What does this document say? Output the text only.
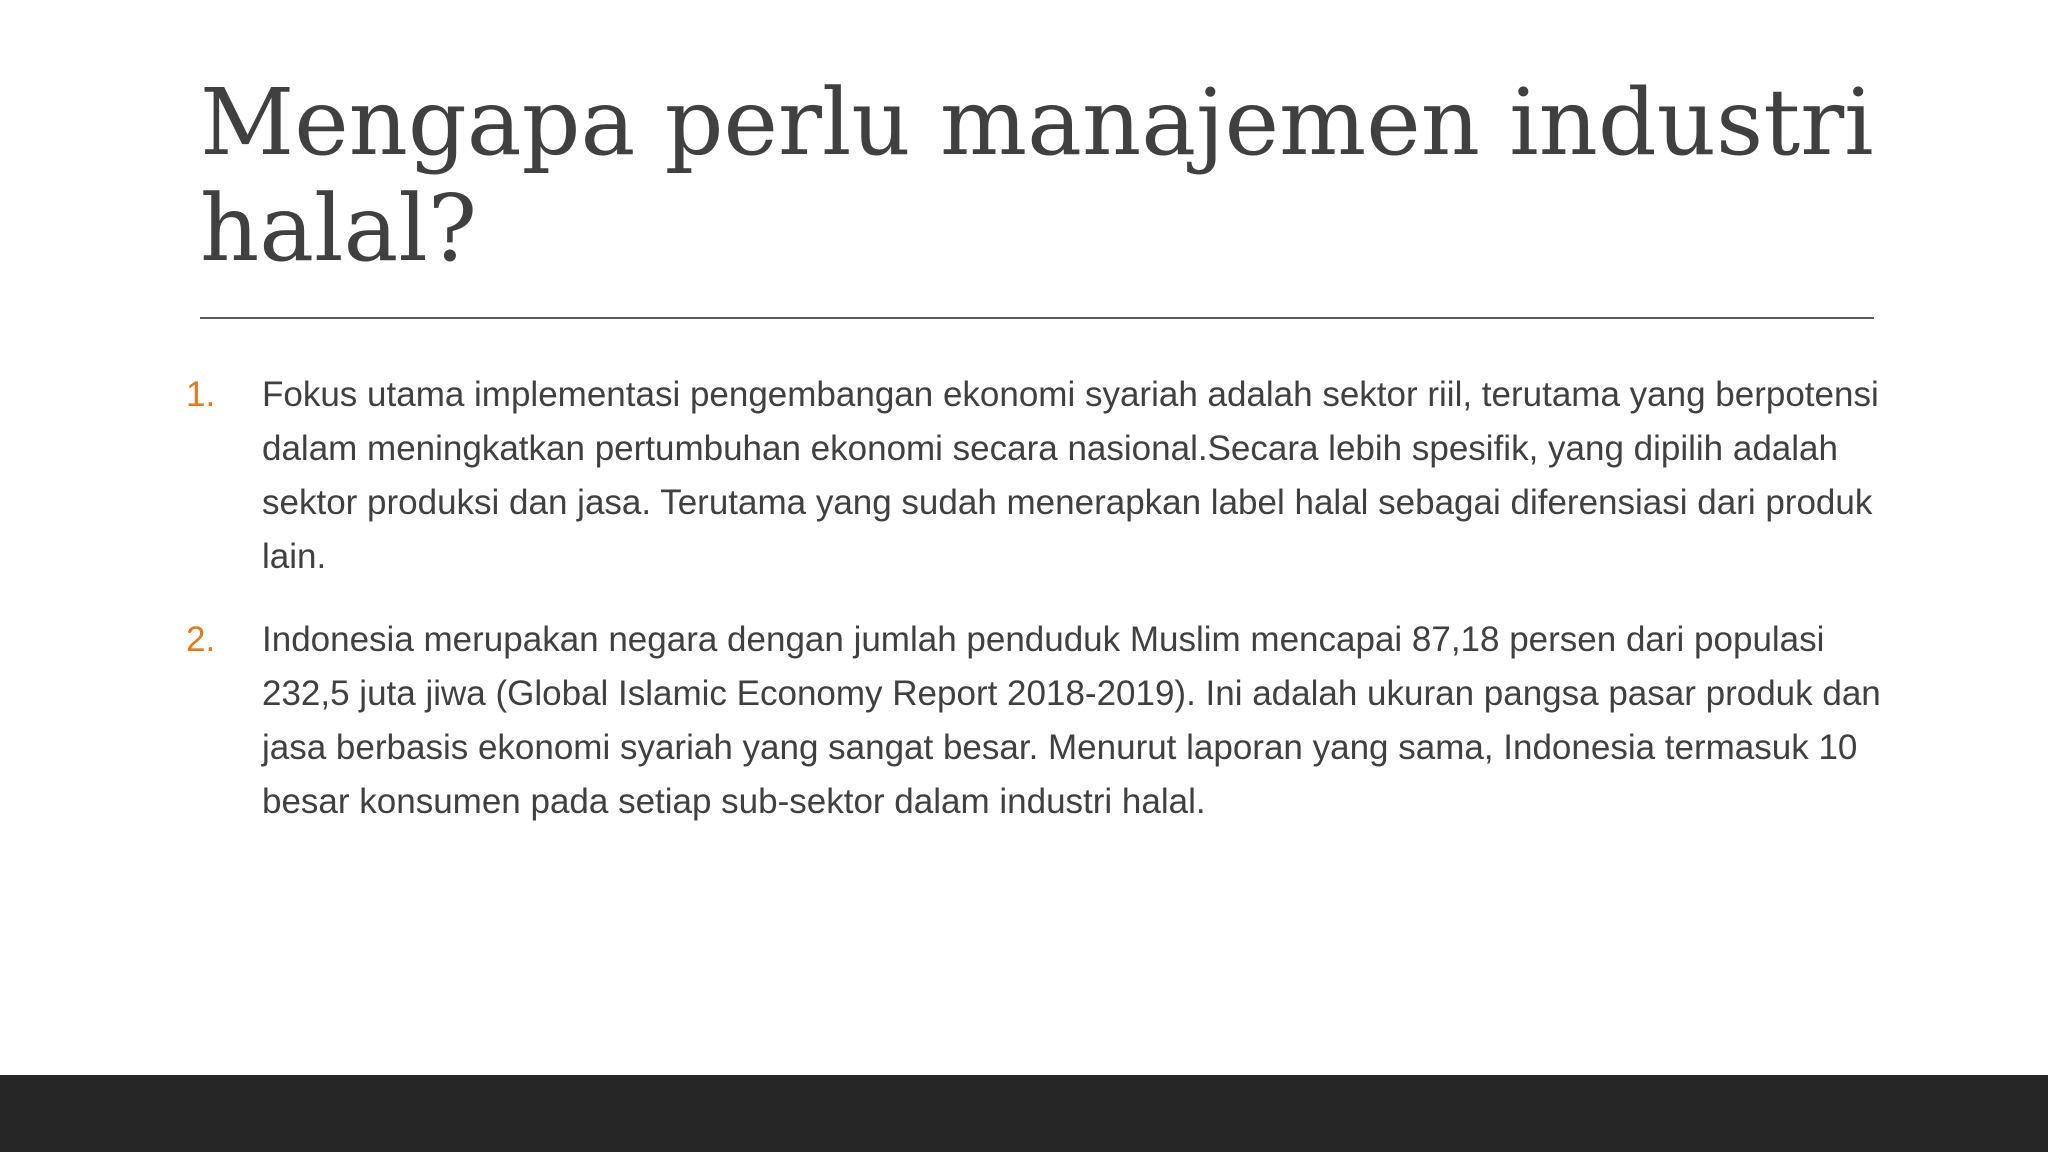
Mengapa perlu manajemen industri halal?
1. Fokus utama implementasi pengembangan ekonomi syariah adalah sektor riil, terutama yang berpotensi dalam meningkatkan pertumbuhan ekonomi secara nasional.Secara lebih spesifik, yang dipilih adalah sektor produksi dan jasa. Terutama yang sudah menerapkan label halal sebagai diferensiasi dari produk lain.
2. Indonesia merupakan negara dengan jumlah penduduk Muslim mencapai 87,18 persen dari populasi 232,5 juta jiwa (Global Islamic Economy Report 2018-2019). Ini adalah ukuran pangsa pasar produk dan jasa berbasis ekonomi syariah yang sangat besar. Menurut laporan yang sama, Indonesia termasuk 10 besar konsumen pada setiap sub-sektor dalam industri halal.
